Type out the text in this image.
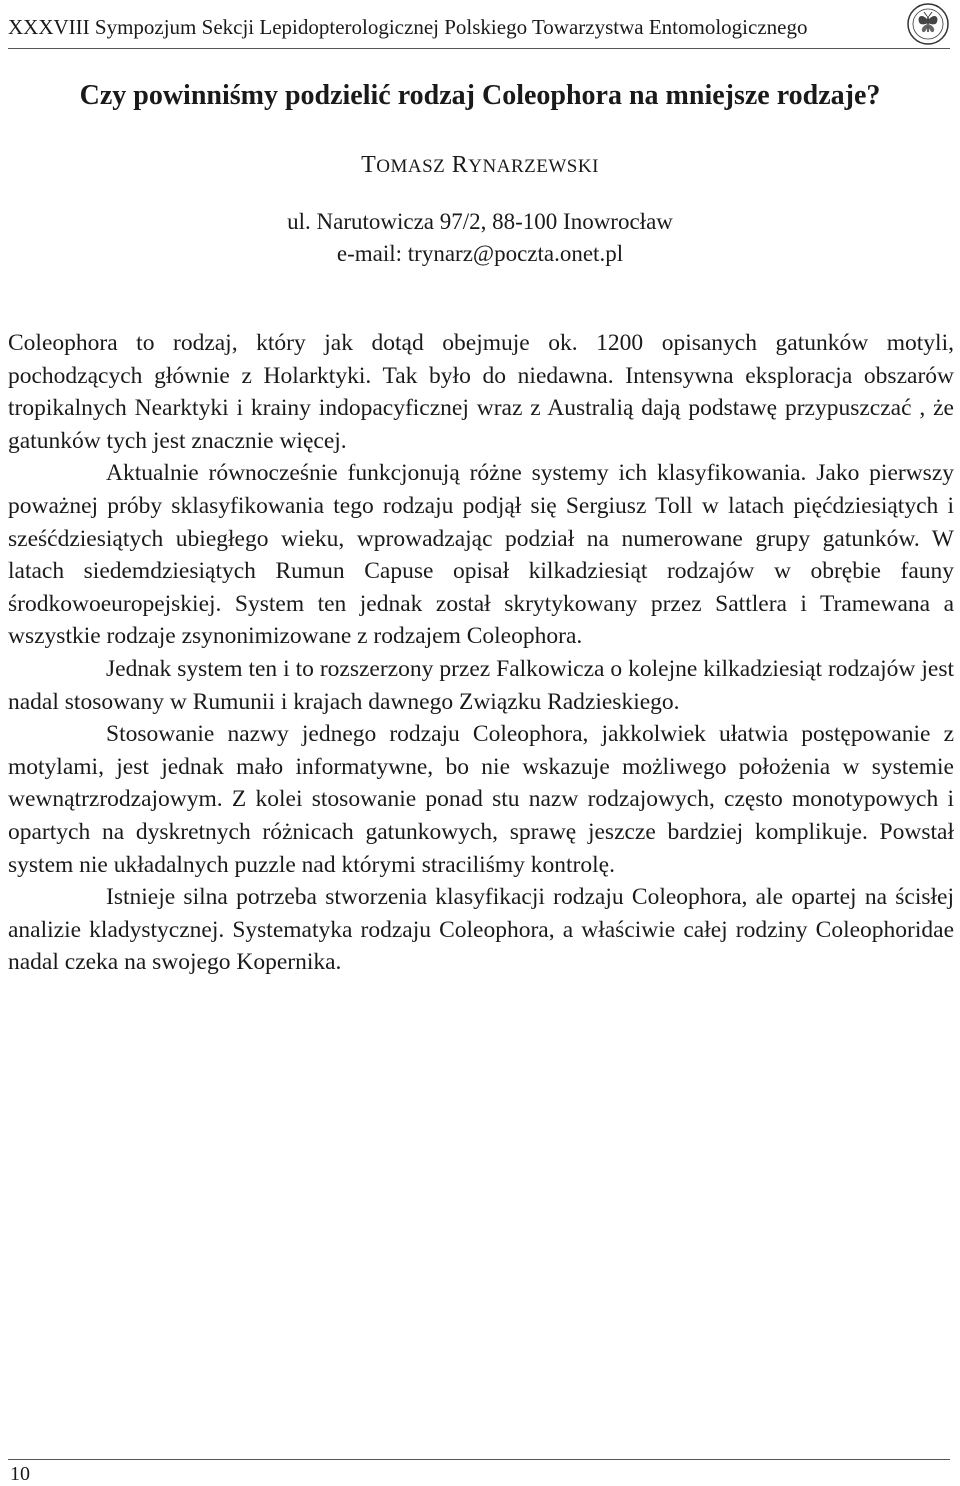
XXXVIII Sympozjum Sekcji Lepidopterologicznej Polskiego Towarzystwa Entomologicznego
Czy powinniśmy podzielić rodzaj Coleophora na mniejsze rodzaje?
TOMASZ RYNARZEWSKI
ul. Narutowicza 97/2, 88-100 Inowrocław
e-mail: trynarz@poczta.onet.pl

Coleophora to rodzaj, który jak dotąd obejmuje ok. 1200 opisanych gatunków motyli, pochodzących głównie z Holarktyki. Tak było do niedawna. Intensywna eksploracja obszarów tropikalnych Nearktyki i krainy indopacyficznej wraz z Australią dają podstawę przypuszczać , że gatunków tych jest znacznie więcej.

Aktualnie równocześnie funkcjonują różne systemy ich klasyfikowania. Jako pierwszy poważnej próby sklasyfikowania tego rodzaju podjął się Sergiusz Toll w latach pięćdziesiątych i sześćdziesiątych ubiegłego wieku, wprowadzając podział na numerowane grupy gatunków. W latach siedemdziesiątych Rumun Capuse opisał kilkadziesiąt rodzajów w obrębie fauny środkowoeuropejskiej. System ten jednak został skrytykowany przez Sattlera i Tramewana a wszystkie rodzaje zsynonimizowane z rodzajem Coleophora.

Jednak system ten i to rozszerzony przez Falkowicza o kolejne kilkadziesiąt rodzajów jest nadal stosowany w Rumunii i krajach dawnego Związku Radzieskiego.

Stosowanie nazwy jednego rodzaju Coleophora, jakkolwiek ułatwia postępowanie z motylami, jest jednak mało informatywne, bo nie wskazuje możliwego położenia w systemie wewnątrzrodzajowym. Z kolei stosowanie ponad stu nazw rodzajowych, często monotypowych i opartych na dyskretnych różnicach gatunkowych, sprawę jeszcze bardziej komplikuje. Powstał system nie układalnych puzzle nad którymi straciliśmy kontrolę.

Istnieje silna potrzeba stworzenia klasyfikacji rodzaju Coleophora, ale opartej na ścisłej analizie kladystycznej. Systematyka rodzaju Coleophora, a właściwie całej rodziny Coleophoridae nadal czeka na swojego Kopernika.

10
